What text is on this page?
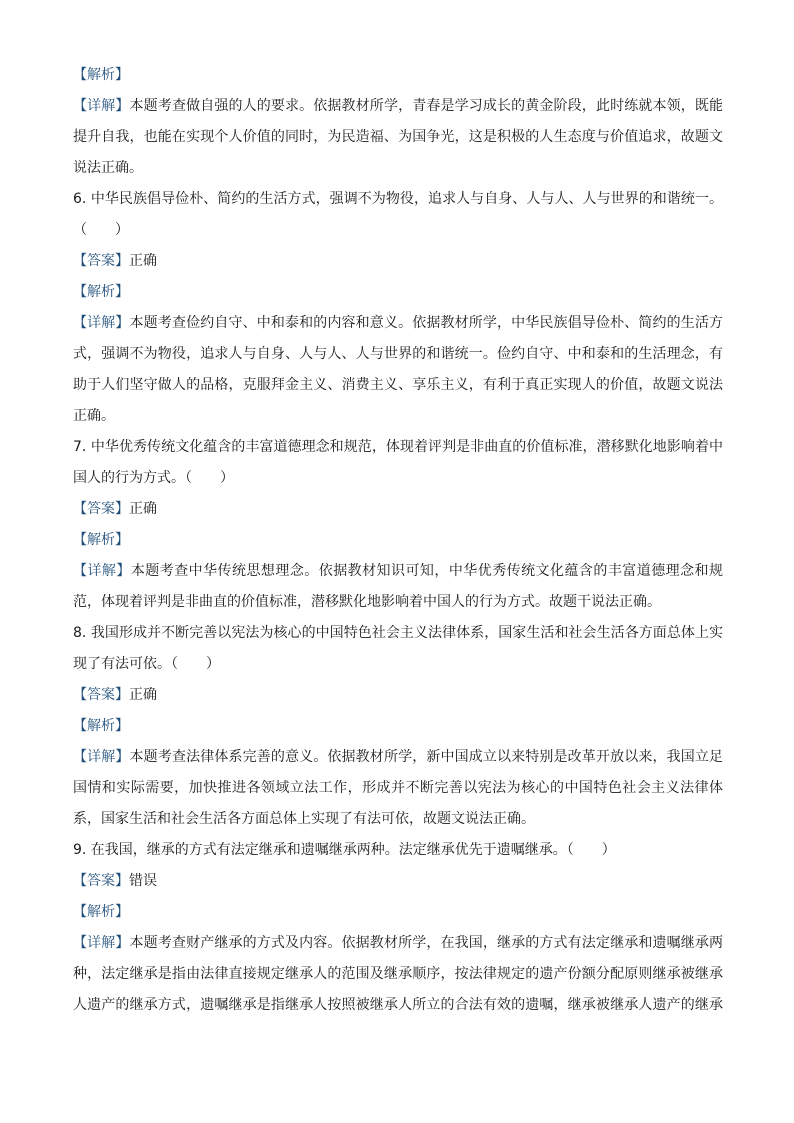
【解析】
【详解】本题考查做自强的人的要求。依据教材所学，青春是学习成长的黄金阶段，此时练就本领，既能
提升自我，也能在实现个人价值的同时，为民造福、为国争光，这是积极的人生态度与价值追求，故题文
说法正确。
6. 中华民族倡导俭朴、简约的生活方式，强调不为物役，追求人与自身、人与人、人与世界的和谐统一。
（　　）
【答案】正确
【解析】
【详解】本题考查俭约自守、中和泰和的内容和意义。依据教材所学，中华民族倡导俭朴、简约的生活方
式，强调不为物役，追求人与自身、人与人、人与世界的和谐统一。俭约自守、中和泰和的生活理念，有
助于人们坚守做人的品格，克服拜金主义、消费主义、享乐主义，有利于真正实现人的价值，故题文说法
正确。
7. 中华优秀传统文化蕴含的丰富道德理念和规范，体现着评判是非曲直的价值标准，潜移默化地影响着中
国人的行为方式。（　　）
【答案】正确
【解析】
【详解】本题考查中华传统思想理念。依据教材知识可知，中华优秀传统文化蕴含的丰富道德理念和规
范，体现着评判是非曲直的价值标准，潜移默化地影响着中国人的行为方式。故题干说法正确。
8. 我国形成并不断完善以宪法为核心的中国特色社会主义法律体系，国家生活和社会生活各方面总体上实
现了有法可依。（　　）
【答案】正确
【解析】
【详解】本题考查法律体系完善的意义。依据教材所学，新中国成立以来特别是改革开放以来，我国立足
国情和实际需要，加快推进各领域立法工作，形成并不断完善以宪法为核心的中国特色社会主义法律体
系，国家生活和社会生活各方面总体上实现了有法可依，故题文说法正确。
9. 在我国，继承的方式有法定继承和遗嘱继承两种。法定继承优先于遗嘱继承。（　　）
【答案】错误
【解析】
【详解】本题考查财产继承的方式及内容。依据教材所学，在我国，继承的方式有法定继承和遗嘱继承两
种，法定继承是指由法律直接规定继承人的范围及继承顺序，按法律规定的遗产份额分配原则继承被继承
人遗产的继承方式，遗嘱继承是指继承人按照被继承人所立的合法有效的遗嘱，继承被继承人遗产的继承
